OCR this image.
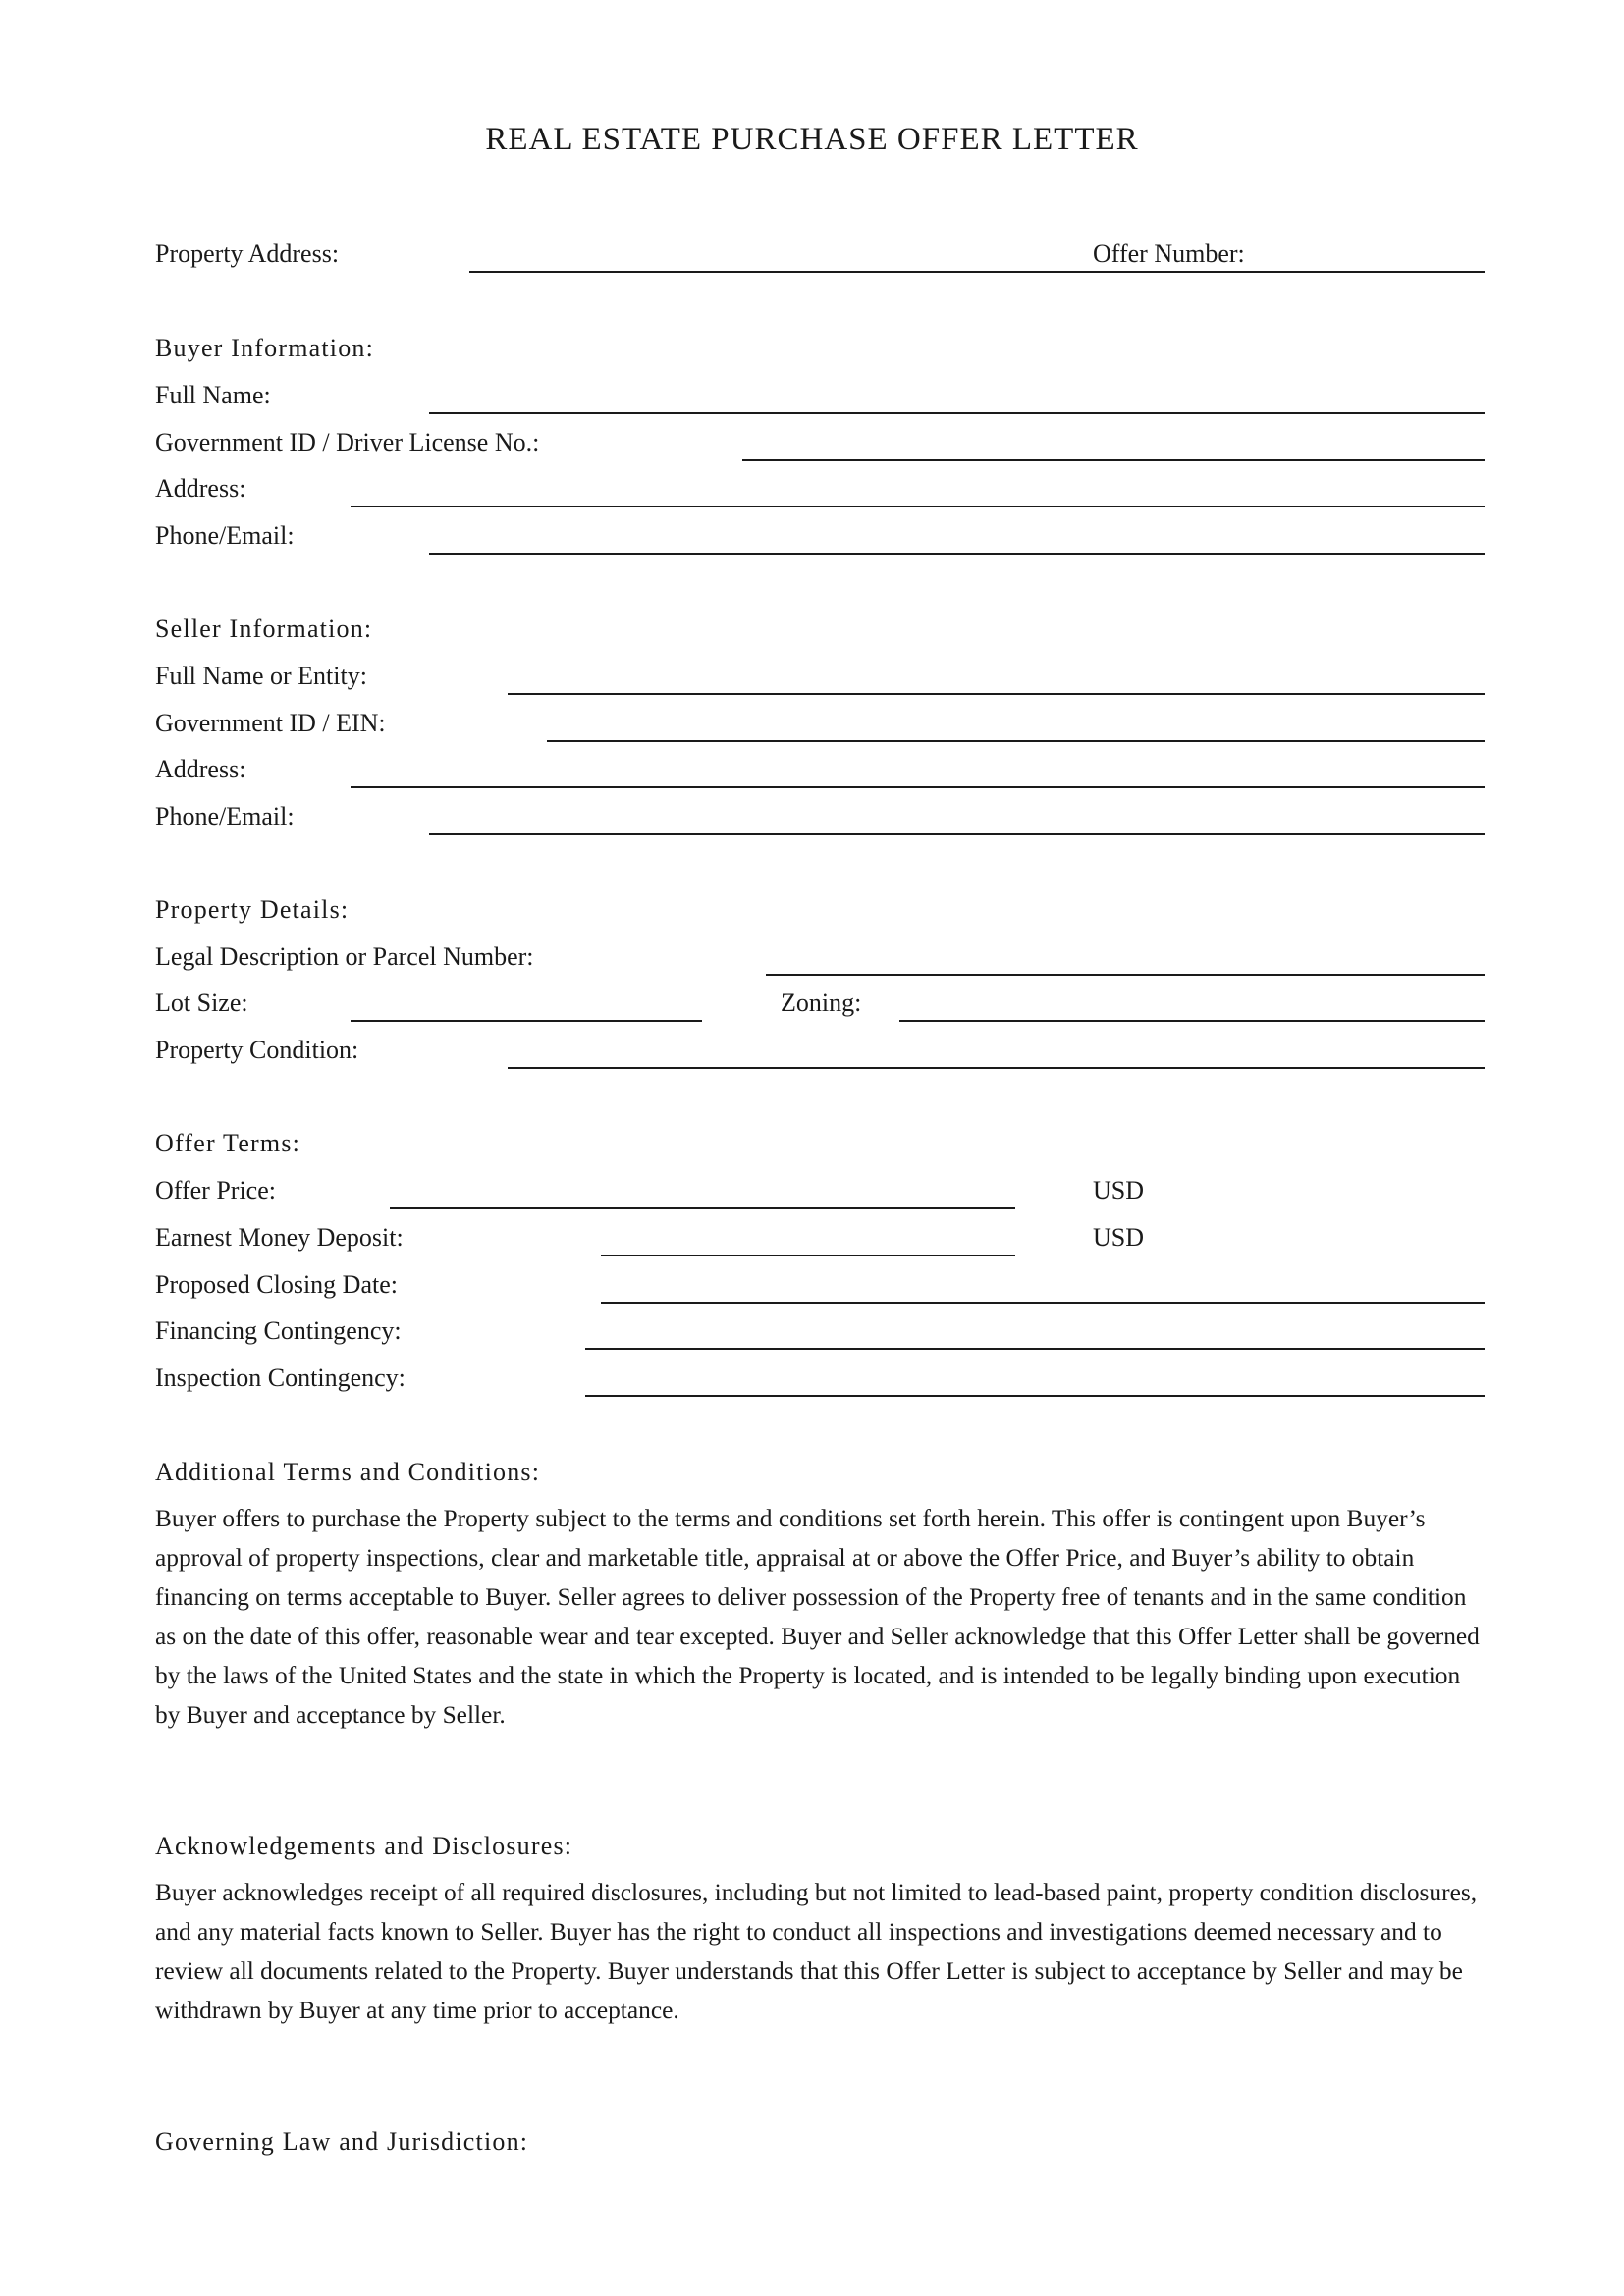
REAL ESTATE PURCHASE OFFER LETTER
Property Address:	Offer Number:
Buyer Information:
Full Name:
Government ID / Driver License No.:
Address:
Phone/Email:
Seller Information:
Full Name or Entity:
Government ID / EIN:
Address:
Phone/Email:
Property Details:
Legal Description or Parcel Number:
Lot Size:	Zoning:
Property Condition:
Offer Terms:
Offer Price:	USD
Earnest Money Deposit:	USD
Proposed Closing Date:
Financing Contingency:
Inspection Contingency:
Additional Terms and Conditions:

Buyer offers to purchase the Property subject to the terms and conditions set forth herein. This offer is contingent upon Buyer’s approval of property inspections, clear and marketable title, appraisal at or above the Offer Price, and Buyer’s ability to obtain financing on terms acceptable to Buyer. Seller agrees to deliver possession of the Property free of tenants and in the same condition as on the date of this offer, reasonable wear and tear excepted. Buyer and Seller acknowledge that this Offer Letter shall be governed by the laws of the United States and the state in which the Property is located, and is intended to be legally binding upon execution by Buyer and acceptance by Seller.

Acknowledgements and Disclosures:

Buyer acknowledges receipt of all required disclosures, including but not limited to lead-based paint, property condition disclosures, and any material facts known to Seller. Buyer has the right to conduct all inspections and investigations deemed necessary and to review all documents related to the Property. Buyer understands that this Offer Letter is subject to acceptance by Seller and may be withdrawn by Buyer at any time prior to acceptance.

Governing Law and Jurisdiction:
